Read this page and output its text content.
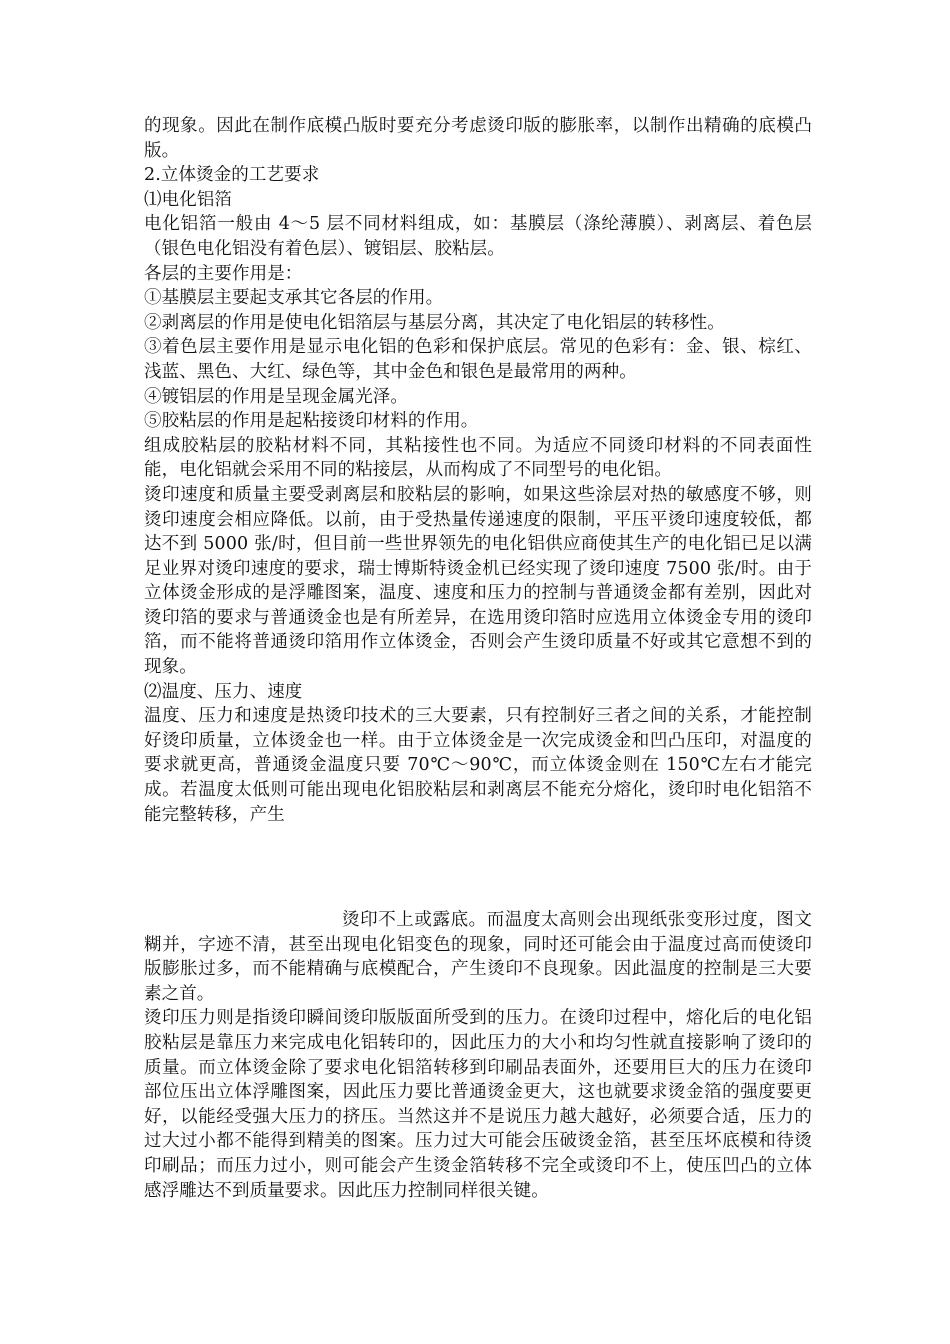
的现象。因此在制作底模凸版时要充分考虑烫印版的膨胀率，以制作出精确的底模凸版。

2.立体烫金的工艺要求

⑴电化铝箔

电化铝箔一般由 4～5 层不同材料组成，如：基膜层（涤纶薄膜）、剥离层、着色层（银色电化铝没有着色层）、镀铝层、胶粘层。

各层的主要作用是：

①基膜层主要起支承其它各层的作用。

②剥离层的作用是使电化铝箔层与基层分离，其决定了电化铝层的转移性。

③着色层主要作用是显示电化铝的色彩和保护底层。常见的色彩有：金、银、棕红、浅蓝、黑色、大红、绿色等，其中金色和银色是最常用的两种。

④镀铝层的作用是呈现金属光泽。

⑤胶粘层的作用是起粘接烫印材料的作用。

组成胶粘层的胶粘材料不同，其粘接性也不同。为适应不同烫印材料的不同表面性能，电化铝就会采用不同的粘接层，从而构成了不同型号的电化铝。

烫印速度和质量主要受剥离层和胶粘层的影响，如果这些涂层对热的敏感度不够，则烫印速度会相应降低。以前，由于受热量传递速度的限制，平压平烫印速度较低，都达不到 5000 张/时，但目前一些世界领先的电化铝供应商使其生产的电化铝已足以满足业界对烫印速度的要求，瑞士博斯特烫金机已经实现了烫印速度 7500 张/时。由于立体烫金形成的是浮雕图案，温度、速度和压力的控制与普通烫金都有差别，因此对烫印箔的要求与普通烫金也是有所差异，在选用烫印箔时应选用立体烫金专用的烫印箔，而不能将普通烫印箔用作立体烫金，否则会产生烫印质量不好或其它意想不到的现象。

⑵温度、压力、速度

温度、压力和速度是热烫印技术的三大要素，只有控制好三者之间的关系，才能控制好烫印质量，立体烫金也一样。由于立体烫金是一次完成烫金和凹凸压印，对温度的要求就更高，普通烫金温度只要 70℃～90℃，而立体烫金则在 150℃左右才能完成。若温度太低则可能出现电化铝胶粘层和剥离层不能充分熔化，烫印时电化铝箔不能完整转移，产生

烫印不上或露底。而温度太高则会出现纸张变形过度，图文糊并，字迹不清，甚至出现电化铝变色的现象，同时还可能会由于温度过高而使烫印版膨胀过多，而不能精确与底模配合，产生烫印不良现象。因此温度的控制是三大要素之首。

烫印压力则是指烫印瞬间烫印版版面所受到的压力。在烫印过程中，熔化后的电化铝胶粘层是靠压力来完成电化铝转印的，因此压力的大小和均匀性就直接影响了烫印的质量。而立体烫金除了要求电化铝箔转移到印刷品表面外，还要用巨大的压力在烫印部位压出立体浮雕图案，因此压力要比普通烫金更大，这也就要求烫金箔的强度要更好，以能经受强大压力的挤压。当然这并不是说压力越大越好，必须要合适，压力的过大过小都不能得到精美的图案。压力过大可能会压破烫金箔，甚至压坏底模和待烫印刷品；而压力过小，则可能会产生烫金箔转移不完全或烫印不上，使压凹凸的立体感浮雕达不到质量要求。因此压力控制同样很关键。
